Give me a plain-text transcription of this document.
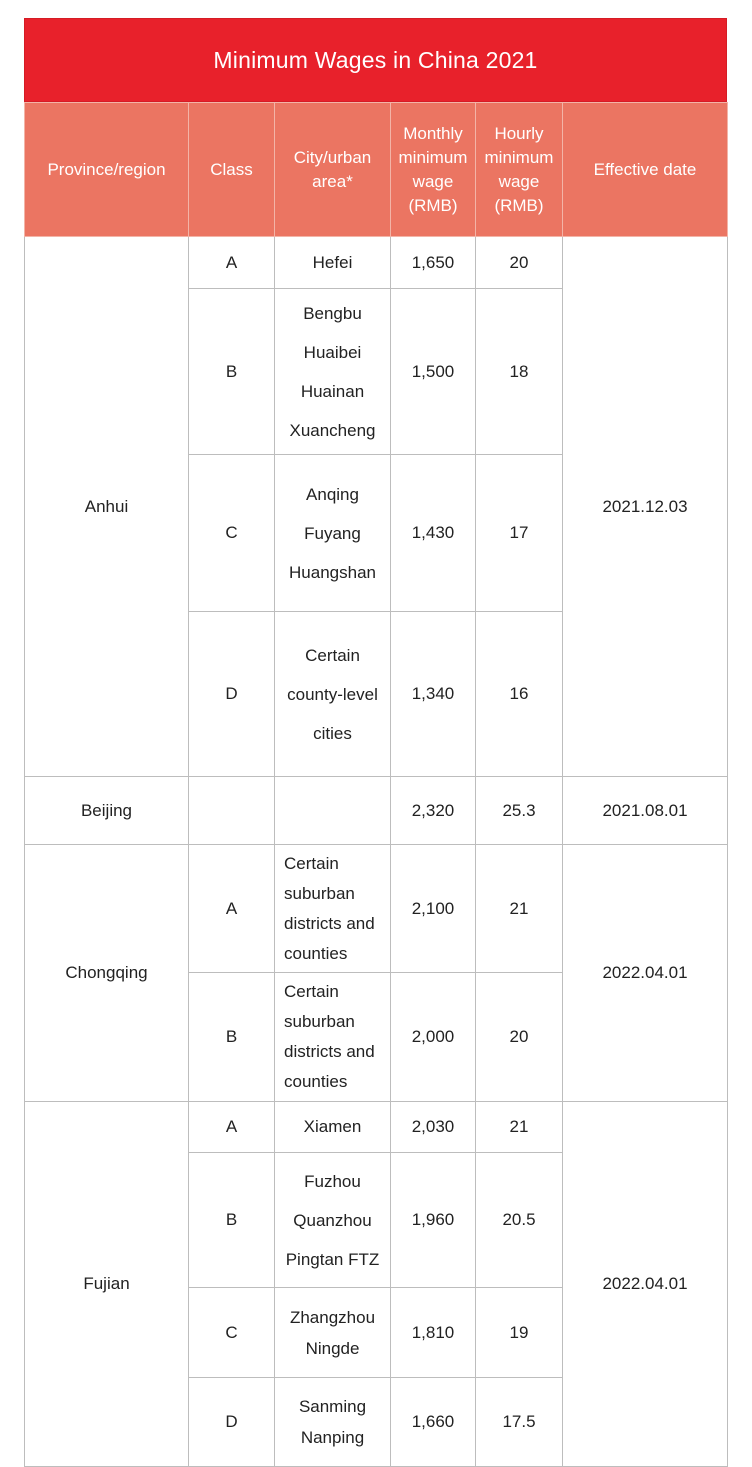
Minimum Wages in China 2021
Province/region	Class	City/urban
area*	Monthly
minimum
wage
(RMB)	Hourly
minimum
wage
(RMB)	Effective date
Anhui	A	Hefei	1,650	20	2021.12.03
	B	Bengbu
Huaibei
Huainan
Xuancheng	1,500	18	
	C	Anqing
Fuyang
Huangshan	1,430	17	
	D	Certain
county-level
cities	1,340	16	
Beijing			2,320	25.3	2021.08.01
Chongqing	A	Certain
suburban
districts and
counties	2,100	21	2022.04.01
	B	Certain
suburban
districts and
counties	2,000	20	
Fujian	A	Xiamen	2,030	21	2022.04.01
	B	Fuzhou
Quanzhou
Pingtan FTZ	1,960	20.5	
	C	Zhangzhou
Ningde	1,810	19	
	D	Sanming
Nanping	1,660	17.5	
